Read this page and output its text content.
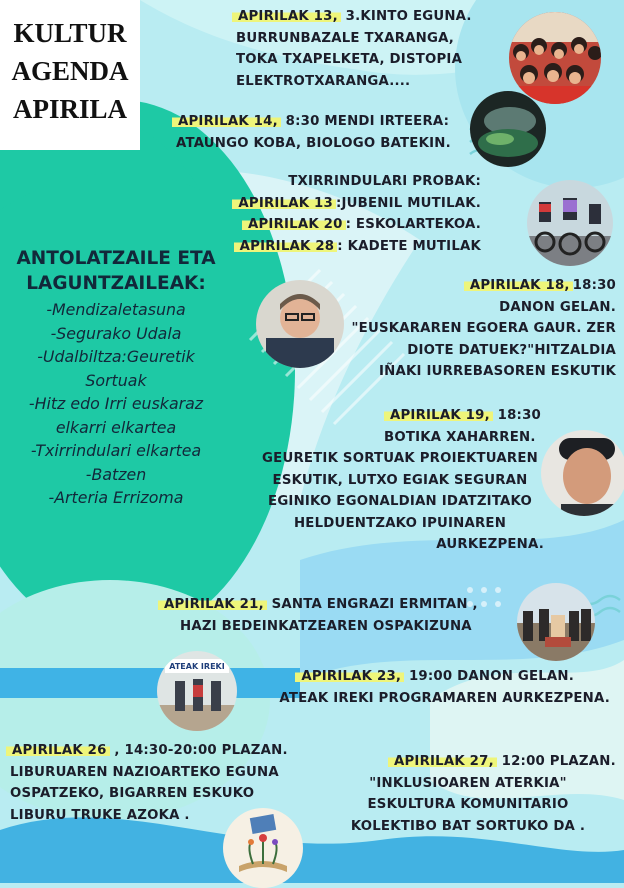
KULTUR
AGENDA
APIRILA
ANTOLATZAILE ETA
LAGUNTZAILEAK:
-Mendizaletasuna
-Segurako Udala
-Udalbiltza:Geuretik
Sortuak
-Hitz edo Irri euskaraz
elkarri elkartea
-Txirrindulari elkartea
-Batzen
-Arteria Errizoma
APIRILAK 13, 3.KINTO EGUNA.
BURRUNBAZALE TXARANGA,
TOKA TXAPELKETA, DISTOPIA
ELEKTROTXARANGA....
APIRILAK 14, 8:30 MENDI IRTEERA:
ATAUNGO KOBA, BIOLOGO BATEKIN.
TXIRRINDULARI PROBAK:
APIRILAK 13 :JUBENIL MUTILAK.
APIRILAK 20 : ESKOLARTEKOA.
APIRILAK 28 : KADETE MUTILAK
APIRILAK 18, 18:30
DANON GELAN.
"EUSKARAREN EGOERA GAUR. ZER
DIOTE DATUEK?"HITZALDIA
IÑAKI IURREBASOREN ESKUTIK
APIRILAK 19, 18:30
BOTIKA XAHARREN.
GEURETIK SORTUAK PROIEKTUAREN
ESKUTIK, LUTXO EGIAK SEGURAN
EGINIKO EGONALDIAN IDATZITAKO
HELDUENTZAKO IPUINAREN
AURKEZPENA.
APIRILAK 21, SANTA ENGRAZI ERMITAN ,
HAZI BEDEINKATZEAREN OSPAKIZUNA
APIRILAK 23, 19:00 DANON GELAN.
ATEAK IREKI PROGRAMAREN AURKEZPENA.
APIRILAK 26 , 14:30-20:00 PLAZAN.
LIBURUAREN NAZIOARTEKO EGUNA
OSPATZEKO, BIGARREN ESKUKO
LIBURU TRUKE AZOKA .
APIRILAK 27, 12:00 PLAZAN.
"INKLUSIOAREN ATERKIA"
ESKULTURA KOMUNITARIO
KOLEKTIBO BAT SORTUKO DA .
ATEAK IREKI
